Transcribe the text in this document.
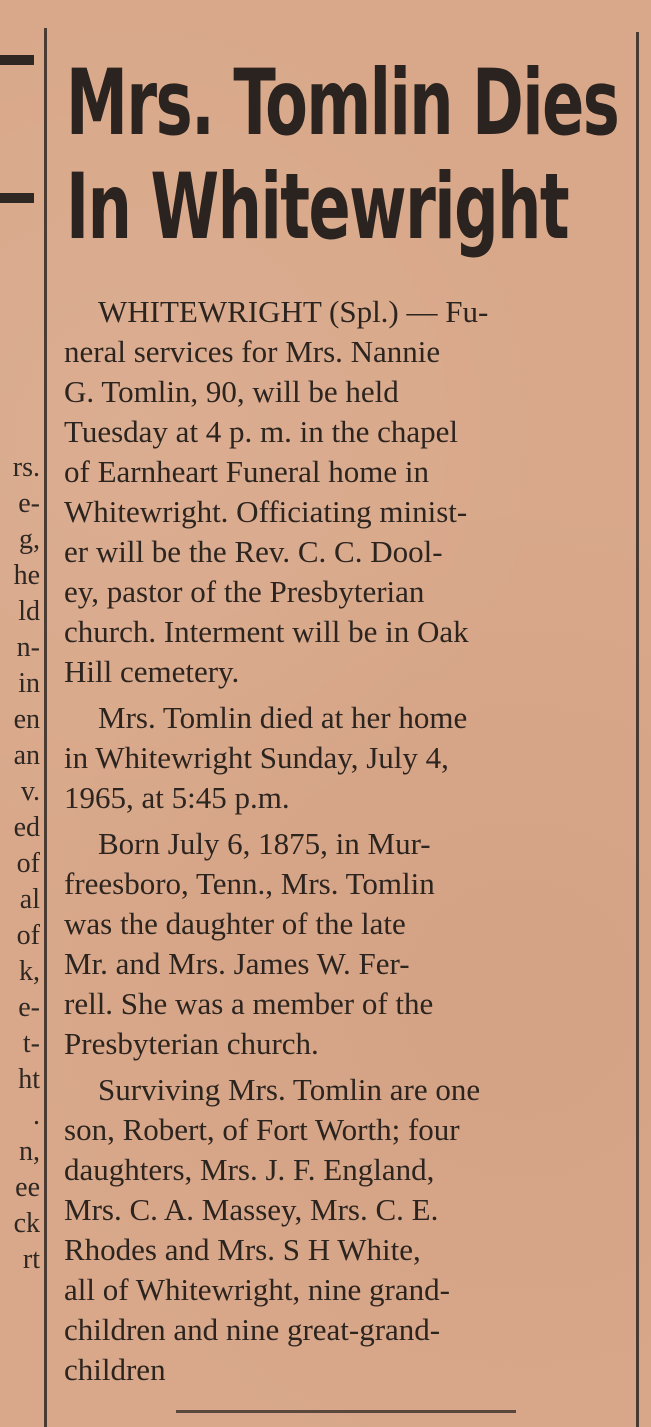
Mrs. Tomlin Dies
In Whitewright
rs.
e-
g,
he
ld
n-
in
en
an
v.
ed
of
al
of
k,
e-
t-
ht
.
n,
ee
ck
rt

WHITEWRIGHT (Spl.) — Fu-
neral services for Mrs. Nannie
G. Tomlin, 90, will be held
Tuesday at 4 p. m. in the chapel
of Earnheart Funeral home in
Whitewright. Officiating minist-
er will be the Rev. C. C. Dool-
ey, pastor of the Presbyterian
church. Interment will be in Oak
Hill cemetery.

Mrs. Tomlin died at her home
in Whitewright Sunday, July 4,
1965, at 5:45 p.m.

Born July 6, 1875, in Mur-
freesboro, Tenn., Mrs. Tomlin
was the daughter of the late
Mr. and Mrs. James W. Fer-
rell. She was a member of the
Presbyterian church.

Surviving Mrs. Tomlin are one
son, Robert, of Fort Worth; four
daughters, Mrs. J. F. England,
Mrs. C. A. Massey, Mrs. C. E.
Rhodes and Mrs. S H White,
all of Whitewright, nine grand-
children and nine great-grand-
children
